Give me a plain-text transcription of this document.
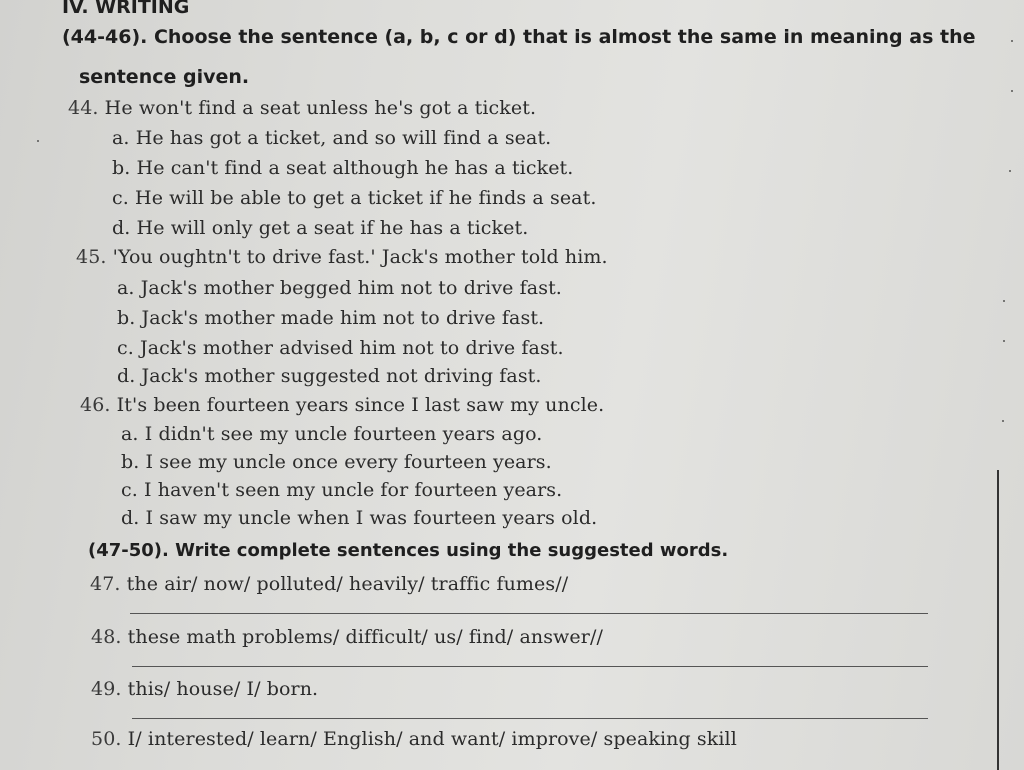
IV. WRITING
(44-46). Choose the sentence (a, b, c or d) that is almost the same in meaning as the
sentence given.
44. He won't find a seat unless he's got a ticket.
a. He has got a ticket, and so will find a seat.
b. He can't find a seat although he has a ticket.
c. He will be able to get a ticket if he finds a seat.
d. He will only get a seat if he has a ticket.
45. 'You oughtn't to drive fast.' Jack's mother told him.
a. Jack's mother begged him not to drive fast.
b. Jack's mother made him not to drive fast.
c. Jack's mother advised him not to drive fast.
d. Jack's mother suggested not driving fast.
46. It's been fourteen years since I last saw my uncle.
a. I didn't see my uncle fourteen years ago.
b. I see my uncle once every fourteen years.
c. I haven't seen my uncle for fourteen years.
d. I saw my uncle when I was fourteen years old.
(47-50). Write complete sentences using the suggested words.
47. the air/ now/ polluted/ heavily/ traffic fumes//
48. these math problems/ difficult/ us/ find/ answer//
49. this/ house/ I/ born.
50. I/ interested/ learn/ English/ and want/ improve/ speaking skill
